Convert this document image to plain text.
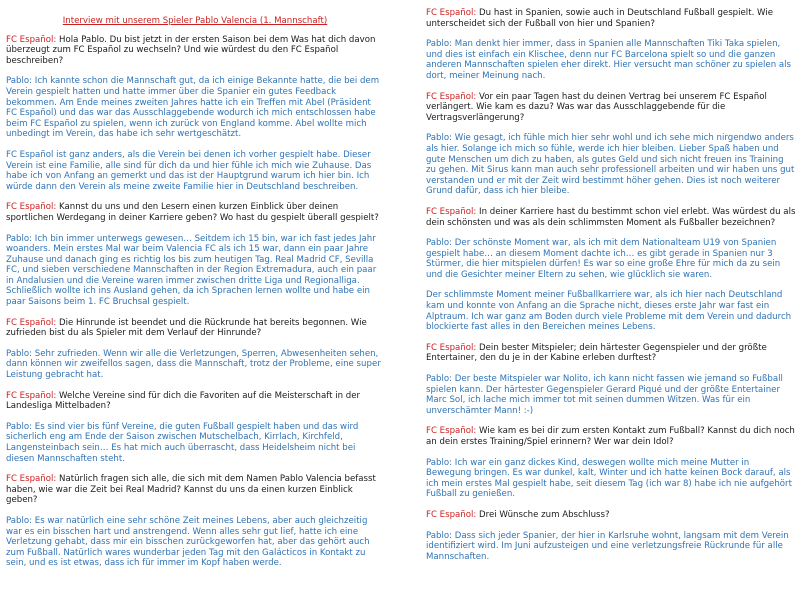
Interview mit unserem Spieler Pablo Valencia (1. Mannschaft)

FC Español: Hola Pablo. Du bist jetzt in der ersten Saison bei dem Was hat dich davon überzeugt zum FC Español zu wechseln? Und wie würdest du den FC Español beschreiben?

Pablo: Ich kannte schon die Mannschaft gut, da ich einige Bekannte hatte, die bei dem Verein gespielt hatten und hatte immer über die Spanier ein gutes Feedback bekommen. Am Ende meines zweiten Jahres hatte ich ein Treffen mit Abel (Präsident FC Español) und das war das Ausschlaggebende wodurch ich mich entschlossen habe beim FC Español zu spielen, wenn ich zurück von England komme. Abel wollte mich unbedingt im Verein, das habe ich sehr wertgeschätzt.

FC Español ist ganz anders, als die Verein bei denen ich vorher gespielt habe. Dieser Verein ist eine Familie, alle sind für dich da und hier fühle ich mich wie Zuhause. Das habe ich von Anfang an gemerkt und das ist der Hauptgrund warum ich hier bin. Ich würde dann den Verein als meine zweite Familie hier in Deutschland beschreiben.

FC Español: Kannst du uns und den Lesern einen kurzen Einblick über deinen sportlichen Werdegang in deiner Karriere geben? Wo hast du gespielt überall gespielt?

Pablo: Ich bin immer unterwegs gewesen… Seitdem ich 15 bin, war ich fast jedes Jahr woanders. Mein erstes Mal war beim Valencia FC als ich 15 war, dann ein paar Jahre Zuhause und danach ging es richtig los bis zum heutigen Tag. Real Madrid CF, Sevilla FC, und sieben verschiedene Mannschaften in der Region Extremadura, auch ein paar in Andalusien und die Vereine waren immer zwischen dritte Liga und Regionalliga. Schließlich wollte ich ins Ausland gehen, da ich Sprachen lernen wollte und habe ein paar Saisons beim 1. FC Bruchsal gespielt.

FC Español: Die Hinrunde ist beendet und die Rückrunde hat bereits begonnen. Wie zufrieden bist du als Spieler mit dem Verlauf der Hinrunde?

Pablo: Sehr zufrieden. Wenn wir alle die Verletzungen, Sperren, Abwesenheiten sehen, dann können wir zweifellos sagen, dass die Mannschaft, trotz der Probleme, eine super Leistung gebracht hat.

FC Español: Welche Vereine sind für dich die Favoriten auf die Meisterschaft in der Landesliga Mittelbaden?

Pablo: Es sind vier bis fünf Vereine, die guten Fußball gespielt haben und das wird sicherlich eng am Ende der Saison zwischen Mutschelbach, Kirrlach, Kirchfeld, Langensteinbach sein… Es hat mich auch überrascht, dass Heidelsheim nicht bei diesen Mannschaften steht.

FC Español: Natürlich fragen sich alle, die sich mit dem Namen Pablo Valencia befasst haben, wie war die Zeit bei Real Madrid? Kannst du uns da einen kurzen Einblick geben?

Pablo: Es war natürlich eine sehr schöne Zeit meines Lebens, aber auch gleichzeitig war es ein bisschen hart und anstrengend. Wenn alles sehr gut lief, hatte ich eine Verletzung gehabt, dass mir ein bisschen zurückgeworfen hat, aber das gehört auch zum Fußball. Natürlich wares wunderbar jeden Tag mit den Galácticos in Kontakt zu sein, und es ist etwas, dass ich für immer im Kopf haben werde.

FC Español: Du hast in Spanien, sowie auch in Deutschland Fußball gespielt. Wie unterscheidet sich der Fußball von hier und Spanien?

Pablo: Man denkt hier immer, dass in Spanien alle Mannschaften Tiki Taka spielen, und dies ist einfach ein Klischee, denn nur FC Barcelona spielt so und die ganzen anderen Mannschaften spielen eher direkt. Hier versucht man schöner zu spielen als dort, meiner Meinung nach.

FC Español: Vor ein paar Tagen hast du deinen Vertrag bei unserem FC Español verlängert. Wie kam es dazu? Was war das Ausschlaggebende für die Vertragsverlängerung?

Pablo: Wie gesagt, ich fühle mich hier sehr wohl und ich sehe mich nirgendwo anders als hier. Solange ich mich so fühle, werde ich hier bleiben. Lieber Spaß haben und gute Menschen um dich zu haben, als gutes Geld und sich nicht freuen ins Training zu gehen. Mit Sirus kann man auch sehr professionell arbeiten und wir haben uns gut verstanden und er mit der Zeit wird bestimmt höher gehen. Dies ist noch weiterer Grund dafür, dass ich hier bleibe.

FC Español: In deiner Karriere hast du bestimmt schon viel erlebt. Was würdest du als dein schönsten und was als dein schlimmsten Moment als Fußballer bezeichnen?

Pablo: Der schönste Moment war, als ich mit dem Nationalteam U19 von Spanien gespielt habe… an diesem Moment dachte ich… es gibt gerade in Spanien nur 3 Stürmer, die hier mitspielen dürfen! Es war so eine große Ehre für mich da zu sein und die Gesichter meiner Eltern zu sehen, wie glücklich sie waren.

Der schlimmste Moment meiner Fußballkarriere war, als ich hier nach Deutschland kam und konnte von Anfang an die Sprache nicht, dieses erste Jahr war fast ein Alptraum. Ich war ganz am Boden durch viele Probleme mit dem Verein und dadurch blockierte fast alles in den Bereichen meines Lebens.

FC Español: Dein bester Mitspieler; dein härtester Gegenspieler und der größte Entertainer, den du je in der Kabine erleben durftest?

Pablo: Der beste Mitspieler war Nolito, ich kann nicht fassen wie jemand so Fußball spielen kann. Der härtester Gegenspieler Gerard Piqué und der größte Entertainer Marc Sol, ich lache mich immer tot mit seinen dummen Witzen. Was für ein unverschämter Mann! :-)

FC Español: Wie kam es bei dir zum ersten Kontakt zum Fußball? Kannst du dich noch an dein erstes Training/Spiel erinnern? Wer war dein Idol?

Pablo: Ich war ein ganz dickes Kind, deswegen wollte mich meine Mutter in Bewegung bringen. Es war dunkel, kalt, Winter und ich hatte keinen Bock darauf, als ich mein erstes Mal gespielt habe, seit diesem Tag (ich war 8) habe ich nie aufgehört Fußball zu genießen.

FC Español: Drei Wünsche zum Abschluss?

Pablo: Dass sich jeder Spanier, der hier in Karlsruhe wohnt, langsam mit dem Verein identifiziert wird. Im Juni aufzusteigen und eine verletzungsfreie Rückrunde für alle Mannschaften.
